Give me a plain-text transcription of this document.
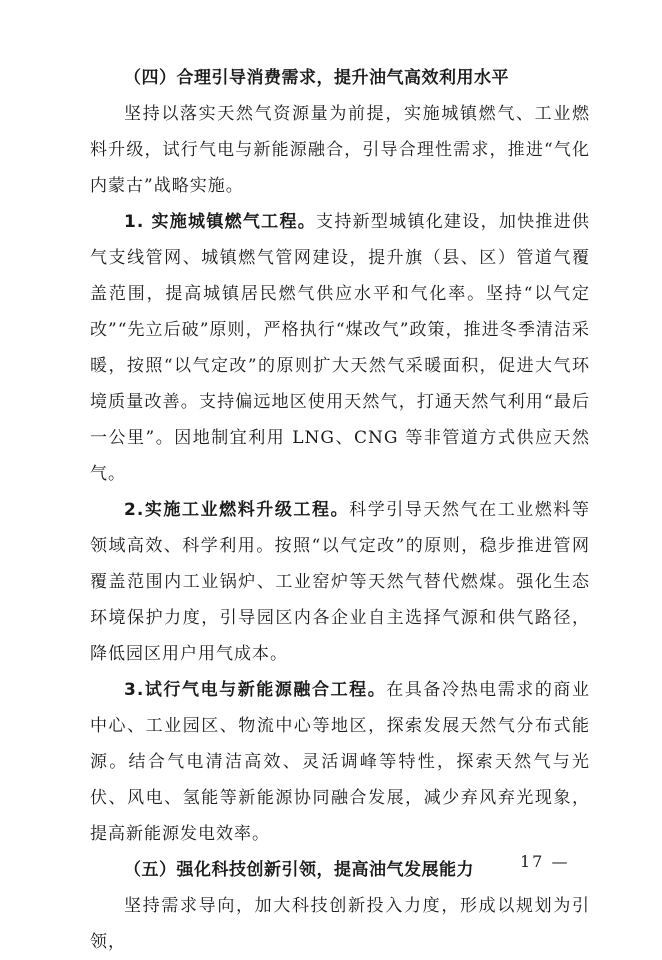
（四）合理引导消费需求，提升油气高效利用水平

坚持以落实天然气资源量为前提，实施城镇燃气、工业燃料升级，试行气电与新能源融合，引导合理性需求，推进“气化内蒙古”战略实施。

1. 实施城镇燃气工程。支持新型城镇化建设，加快推进供气支线管网、城镇燃气管网建设，提升旗（县、区）管道气覆盖范围，提高城镇居民燃气供应水平和气化率。坚持“以气定改”“先立后破”原则，严格执行“煤改气”政策，推进冬季清洁采暖，按照“以气定改”的原则扩大天然气采暖面积，促进大气环境质量改善。支持偏远地区使用天然气，打通天然气利用“最后一公里”。因地制宜利用 LNG、CNG 等非管道方式供应天然气。

2.实施工业燃料升级工程。科学引导天然气在工业燃料等领域高效、科学利用。按照“以气定改”的原则，稳步推进管网覆盖范围内工业锅炉、工业窑炉等天然气替代燃煤。强化生态环境保护力度，引导园区内各企业自主选择气源和供气路径，降低园区用户用气成本。

3.试行气电与新能源融合工程。在具备冷热电需求的商业中心、工业园区、物流中心等地区，探索发展天然气分布式能源。结合气电清洁高效、灵活调峰等特性，探索天然气与光伏、风电、氢能等新能源协同融合发展，减少弃风弃光现象，提高新能源发电效率。

（五）强化科技创新引领，提高油气发展能力

坚持需求导向，加大科技创新投入力度，形成以规划为引领，

17 —
